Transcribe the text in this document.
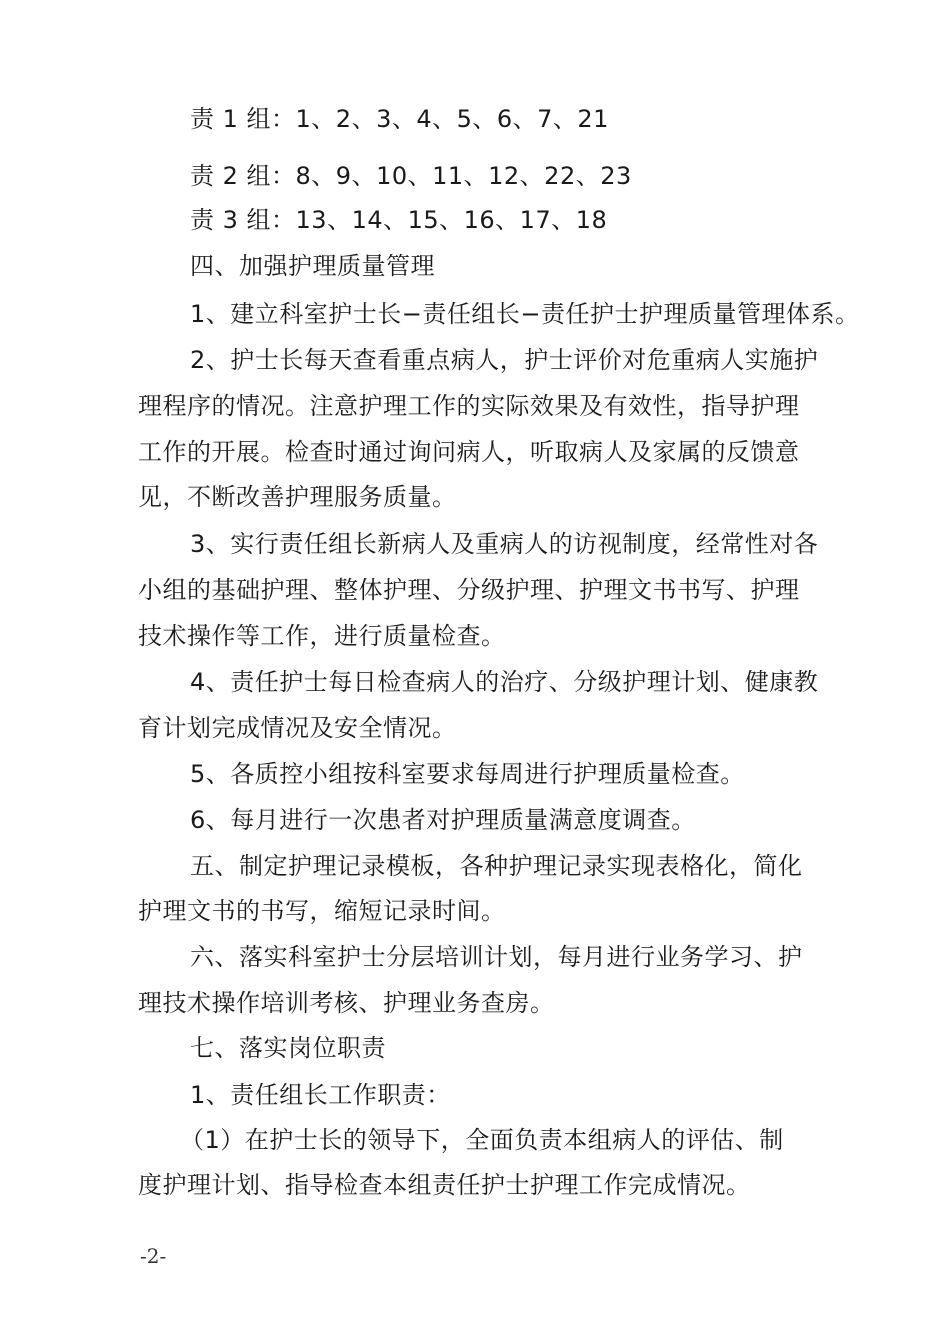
责 1 组：1、2、3、4、5、6、7、21
责 2 组：8、9、10、11、12、22、23
责 3 组：13、14、15、16、17、18
四、加强护理质量管理
1、建立科室护士长−责任组长−责任护士护理质量管理体系。
2、护士长每天查看重点病人，护士评价对危重病人实施护
理程序的情况。注意护理工作的实际效果及有效性，指导护理
工作的开展。检查时通过询问病人，听取病人及家属的反馈意
见，不断改善护理服务质量。
3、实行责任组长新病人及重病人的访视制度，经常性对各
小组的基础护理、整体护理、分级护理、护理文书书写、护理
技术操作等工作，进行质量检查。
4、责任护士每日检查病人的治疗、分级护理计划、健康教
育计划完成情况及安全情况。
5、各质控小组按科室要求每周进行护理质量检查。
6、每月进行一次患者对护理质量满意度调查。
五、制定护理记录模板，各种护理记录实现表格化，简化
护理文书的书写，缩短记录时间。
六、落实科室护士分层培训计划，每月进行业务学习、护
理技术操作培训考核、护理业务查房。
七、落实岗位职责
1、责任组长工作职责：
（1）在护士长的领导下，全面负责本组病人的评估、制
度护理计划、指导检查本组责任护士护理工作完成情况。
-2-
